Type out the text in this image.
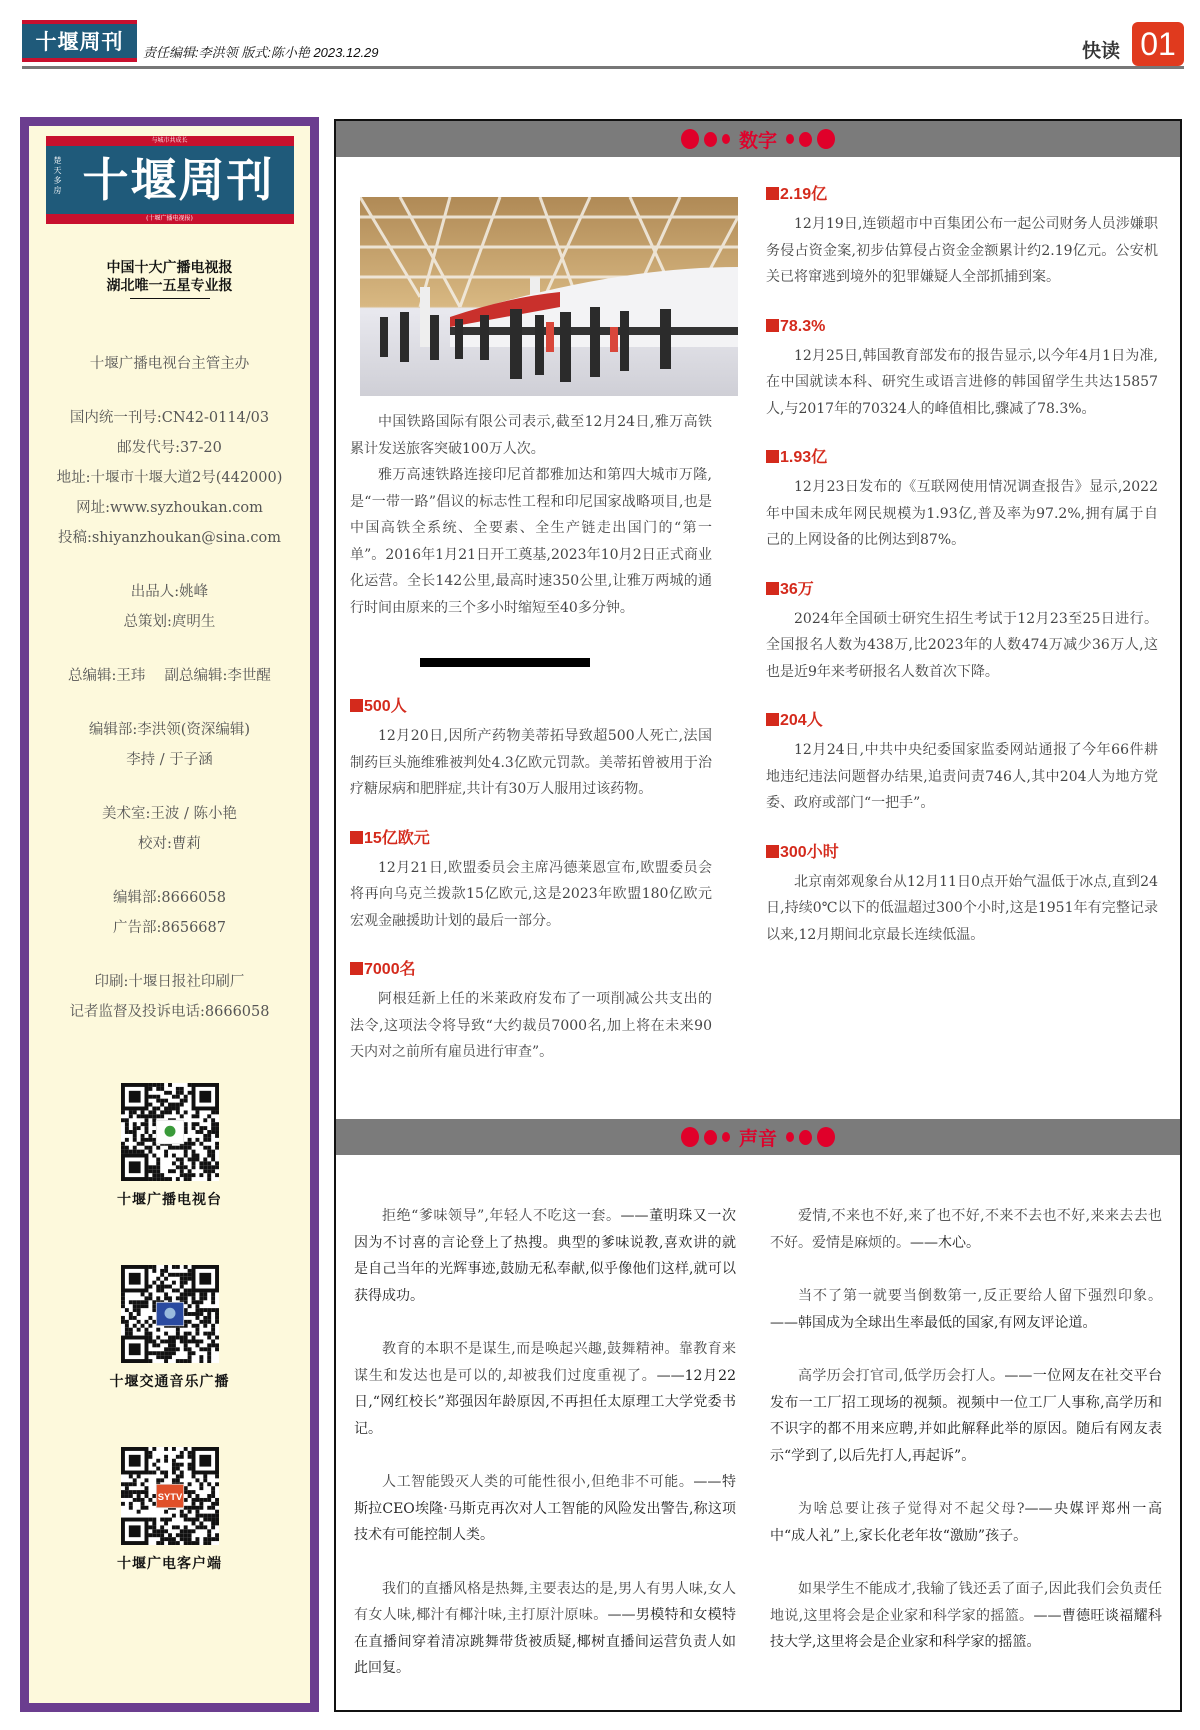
十堰周刊	责任编辑:李洪领 版式:陈小艳 2023.12.29	快读 01
与城市共成长
楚天多房 十堰周刊
(十堰广播电视报)
中国十大广播电视报
湖北唯一五星专业报
十堰广播电视台主管主办
国内统一刊号:CN42-0114/03
邮发代号:37-20
地址:十堰市十堰大道2号(442000)
网址:www.syzhoukan.com
投稿:shiyanzhoukan@sina.com
出品人:姚峰
总策划:庹明生
总编辑:王玮　 副总编辑:李世醒
编辑部:李洪领(资深编辑)
李持 / 于子涵
美术室:王波 / 陈小艳
校对:曹莉
编辑部:8666058
广告部:8656687
印刷:十堰日报社印刷厂
记者监督及投诉电话:8666058
十堰广播电视台
十堰交通音乐广播
SYTV
十堰广电客户端
数字

中国铁路国际有限公司表示,截至12月24日,雅万高铁累计发送旅客突破100万人次。

雅万高速铁路连接印尼首都雅加达和第四大城市万隆,是“一带一路”倡议的标志性工程和印尼国家战略项目,也是中国高铁全系统、全要素、全生产链走出国门的“第一单”。2016年1月21日开工奠基,2023年10月2日正式商业化运营。全长142公里,最高时速350公里,让雅万两城的通行时间由原来的三个多小时缩短至40多分钟。

500人

12月20日,因所产药物美蒂拓导致超500人死亡,法国制药巨头施维雅被判处4.3亿欧元罚款。美蒂拓曾被用于治疗糖尿病和肥胖症,共计有30万人服用过该药物。

15亿欧元

12月21日,欧盟委员会主席冯德莱恩宣布,欧盟委员会将再向乌克兰拨款15亿欧元,这是2023年欧盟180亿欧元宏观金融援助计划的最后一部分。

7000名

阿根廷新上任的米莱政府发布了一项削减公共支出的法令,这项法令将导致“大约裁员7000名,加上将在未来90天内对之前所有雇员进行审查”。

2.19亿

12月19日,连锁超市中百集团公布一起公司财务人员涉嫌职务侵占资金案,初步估算侵占资金金额累计约2.19亿元。公安机关已将窜逃到境外的犯罪嫌疑人全部抓捕到案。

78.3%

12月25日,韩国教育部发布的报告显示,以今年4月1日为准,在中国就读本科、研究生或语言进修的韩国留学生共达15857人,与2017年的70324人的峰值相比,骤减了78.3%。

1.93亿

12月23日发布的《互联网使用情况调查报告》显示,2022年中国未成年网民规模为1.93亿,普及率为97.2%,拥有属于自己的上网设备的比例达到87%。

36万

2024年全国硕士研究生招生考试于12月23至25日进行。全国报名人数为438万,比2023年的人数474万减少36万人,这也是近9年来考研报名人数首次下降。

204人

12月24日,中共中央纪委国家监委网站通报了今年66件耕地违纪违法问题督办结果,追责问责746人,其中204人为地方党委、政府或部门“一把手”。

300小时

北京南郊观象台从12月11日0点开始气温低于冰点,直到24日,持续0℃以下的低温超过300个小时,这是1951年有完整记录以来,12月期间北京最长连续低温。

声音

拒绝“爹味领导”,年轻人不吃这一套。——董明珠又一次因为不讨喜的言论登上了热搜。典型的爹味说教,喜欢讲的就是自己当年的光辉事迹,鼓励无私奉献,似乎像他们这样,就可以获得成功。

教育的本职不是谋生,而是唤起兴趣,鼓舞精神。靠教育来谋生和发达也是可以的,却被我们过度重视了。——12月22日,“网红校长”郑强因年龄原因,不再担任太原理工大学党委书记。

人工智能毁灭人类的可能性很小,但绝非不可能。——特斯拉CEO埃隆·马斯克再次对人工智能的风险发出警告,称这项技术有可能控制人类。

我们的直播风格是热舞,主要表达的是,男人有男人味,女人有女人味,椰汁有椰汁味,主打原汁原味。——男模特和女模特在直播间穿着清凉跳舞带货被质疑,椰树直播间运营负责人如此回复。

爱情,不来也不好,来了也不好,不来不去也不好,来来去去也不好。爱情是麻烦的。——木心。

当不了第一就要当倒数第一,反正要给人留下强烈印象。——韩国成为全球出生率最低的国家,有网友评论道。

高学历会打官司,低学历会打人。——一位网友在社交平台发布一工厂招工现场的视频。视频中一位工厂人事称,高学历和不识字的都不用来应聘,并如此解释此举的原因。随后有网友表示“学到了,以后先打人,再起诉”。

为啥总要让孩子觉得对不起父母?——央媒评郑州一高中“成人礼”上,家长化老年妆“激励”孩子。

如果学生不能成才,我输了钱还丢了面子,因此我们会负责任地说,这里将会是企业家和科学家的摇篮。——曹德旺谈福耀科技大学,这里将会是企业家和科学家的摇篮。
